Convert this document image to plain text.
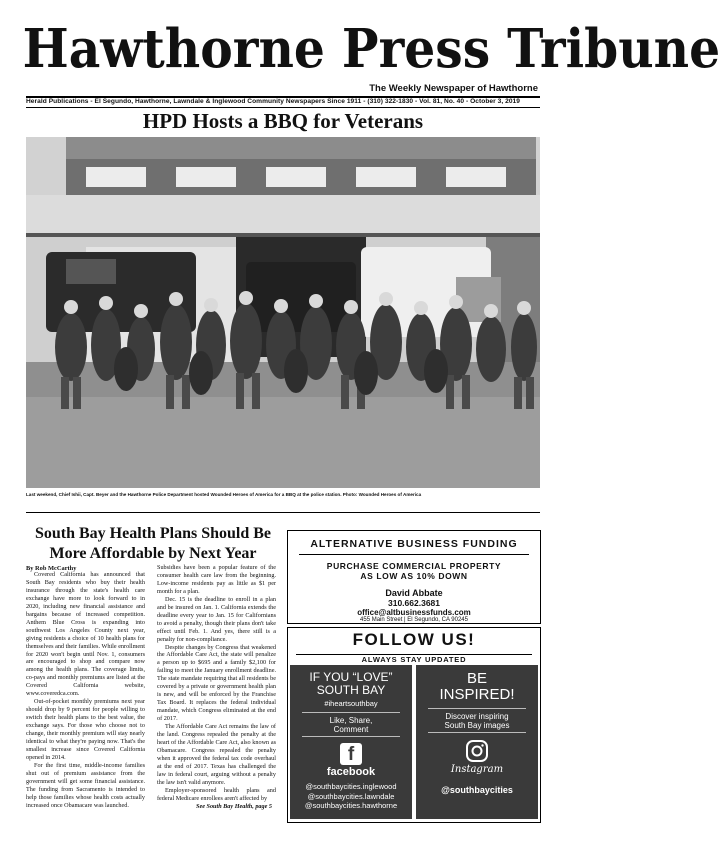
Hawthorne Press Tribune
The Weekly Newspaper of Hawthorne
Herald Publications - El Segundo, Hawthorne, Lawndale & Inglewood Community Newspapers Since 1911 - (310) 322-1830 - Vol. 81, No. 40 - October 3, 2019
HPD Hosts a BBQ for Veterans
Last weekend, Chief Ishii, Capt. Beyer and the Hawthorne Police Department hosted Wounded Heroes of America for a BBQ at the police station. Photo: Wounded Heroes of America
South Bay Health Plans Should Be More Affordable by Next Year
By Rob McCarthy

Covered California has announced that South Bay residents who buy their health insurance through the state's health care exchange have more to look forward to in 2020, including new financial assistance and bargains because of increased competition. Anthem Blue Cross is expanding into southwest Los Angeles County next year, giving residents a choice of 10 health plans for themselves and their families. While enrollment for 2020 won't begin until Nov. 1, consumers are encouraged to shop and compare now among the health plans. The coverage limits, co-pays and monthly premiums are listed at the Covered California website, www.coveredca.com.

Out-of-pocket monthly premiums next year should drop by 9 percent for people willing to switch their health plans to the best value, the exchange says. For those who choose not to change, their monthly premium will stay nearly identical to what they're paying now. That's the smallest increase since Covered California opened in 2014.

For the first time, middle-income families shut out of premium assistance from the government will get some financial assistance. The funding from Sacramento is intended to help those families whose health costs actually increased once Obamacare was launched.

Subsidies have been a popular feature of the consumer health care law from the beginning. Low-income residents pay as little as $1 per month for a plan.

Dec. 15 is the deadline to enroll in a plan and be insured on Jan. 1. California extends the deadline every year to Jan. 15 for Californians to avoid a penalty, though their plans don't take effect until Feb. 1. And yes, there still is a penalty for non-compliance.

Despite changes by Congress that weakened the Affordable Care Act, the state will penalize a person up to $695 and a family $2,100 for failing to meet the January enrollment deadline. The state mandate requiring that all residents be covered by a private or government health plan is new, and will be enforced by the Franchise Tax Board. It replaces the federal individual mandate, which Congress eliminated at the end of 2017.

The Affordable Care Act remains the law of the land. Congress repealed the penalty at the heart of the Affordable Care Act, also known as Obamacare. Congress repealed the penalty when it approved the federal tax code overhaul at the end of 2017. Texas has challenged the law in federal court, arguing without a penalty the law isn't valid anymore.

Employer-sponsored health plans and federal Medicare enrollees aren't affected by

See South Bay Health, page 5
ALTERNATIVE BUSINESS FUNDING
PURCHASE COMMERCIAL PROPERTY
AS LOW AS 10% DOWN
David Abbate
310.662.3681
office@altbusinessfunds.com
455 Main Street | El Segundo, CA 90245
FOLLOW US!
ALWAYS STAY UPDATED
IF YOU “LOVE”
SOUTH BAY
#iheartsouthbay
Like, Share,
Comment
f
facebook
@southbaycities.inglewood
@southbaycities.lawndale
@southbaycities.hawthorne
BE
INSPIRED!
Discover inspiring
South Bay images
Instagram
@southbaycities
